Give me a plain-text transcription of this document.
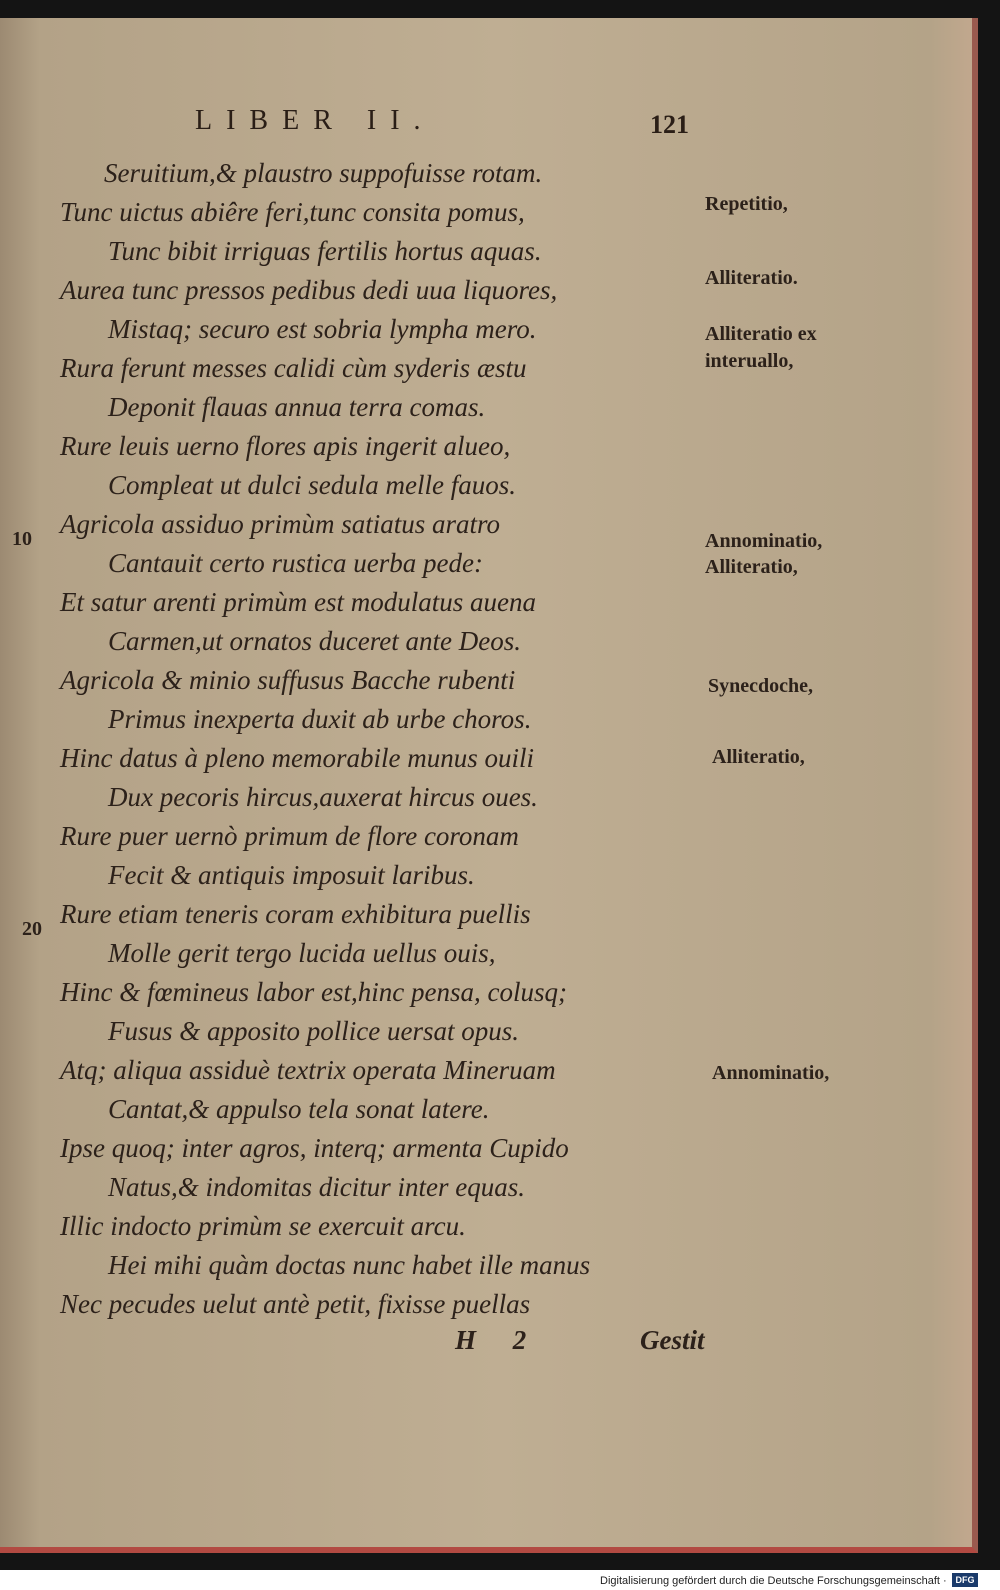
LIBER II.	121
Seruitium,& plaustro suppofuisse rotam.
Tunc uictus abiêre feri,tunc consita pomus,
Tunc bibit irriguas fertilis hortus aquas.
Aurea tunc pressos pedibus dedi uua liquores,
Mistaq; securo est sobria lympha mero.
Rura ferunt messes calidi cùm syderis æstu
Deponit flauas annua terra comas.
Rure leuis uerno flores apis ingerit alueo,
Compleat ut dulci sedula melle fauos.
Agricola assiduo primùm satiatus aratro
Cantauit certo rustica uerba pede:
Et satur arenti primùm est modulatus auena
Carmen,ut ornatos duceret ante Deos.
Agricola & minio suffusus Bacche rubenti
Primus inexperta duxit ab urbe choros.
Hinc datus à pleno memorabile munus ouili
Dux pecoris hircus,auxerat hircus oues.
Rure puer uernò primum de flore coronam
Fecit & antiquis imposuit laribus.
Rure etiam teneris coram exhibitura puellis
Molle gerit tergo lucida uellus ouis,
Hinc & fœmineus labor est,hinc pensa, colusq;
Fusus & apposito pollice uersat opus.
Atq; aliqua assiduè textrix operata Mineruam
Cantat,& appulso tela sonat latere.
Ipse quoq; inter agros, interq; armenta Cupido
Natus,& indomitas dicitur inter equas.
Illic indocto primùm se exercuit arcu.
Hei mihi quàm doctas nunc habet ille manus
Nec pecudes uelut antè petit, fixisse puellas
10
20
Repetitio,
Alliteratio.
Alliteratio ex
interuallo,
Annominatio,
Alliteratio,
Synecdoche,
Alliteratio,
Annominatio,
H 2	Gestit
Digitalisierung gefördert durch die Deutsche Forschungsgemeinschaft · DFG
